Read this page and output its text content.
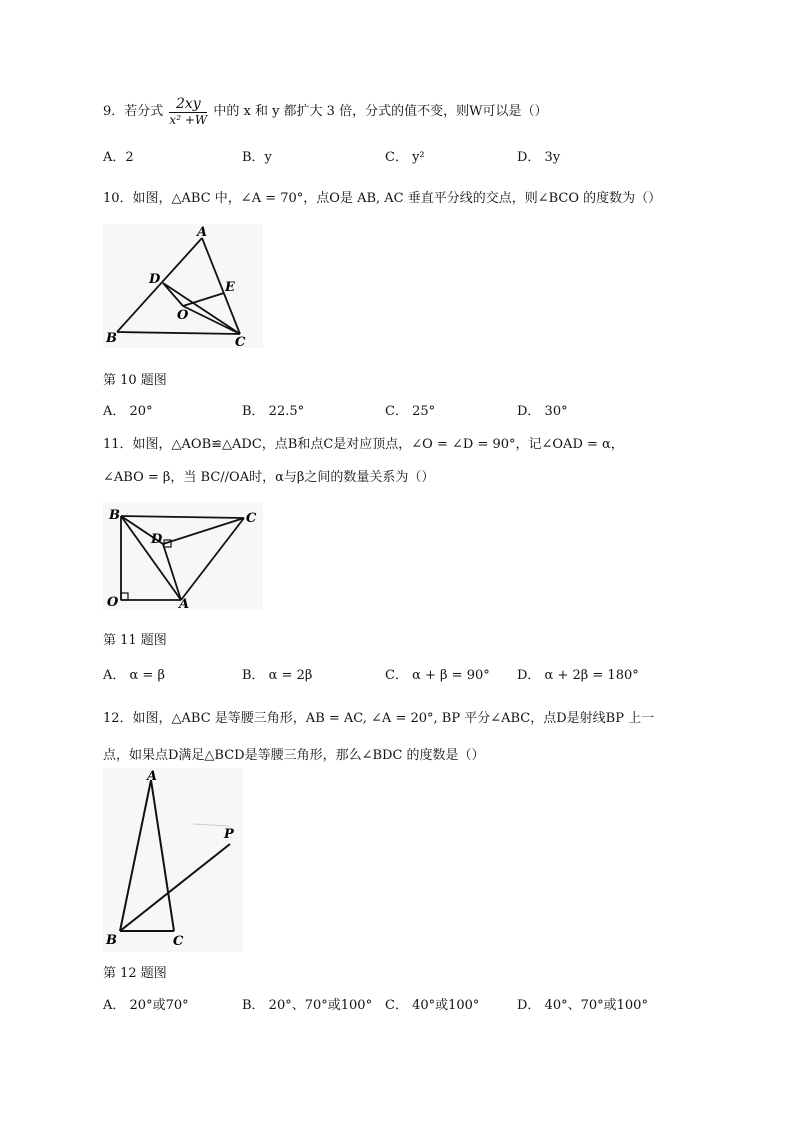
9．若分式 $\frac{2xy}{\text{x² +W}}$ 中的 x 和 y 都扩大 3 倍，分式的值不变，则W可以是（）
A．2	B．y	C． y²	D． 3y
10．如图，△ABC 中，∠A = 70°，点O是 AB, AC 垂直平分线的交点，则∠BCO 的度数为（）
A
B	C
D
E
O
第 10 题图
A． 20°	B． 22.5°	C． 25°	D． 30°
11．如图，△AOB≌△ADC，点B和点C是对应顶点，∠O = ∠D = 90°，记∠OAD = α，
∠ABO = β，当 BC//OA时，α与β之间的数量关系为（）
B	C
D
O	A
第 11 题图
A． α = β	B． α = 2β	C． α + β = 90° D． α + 2β = 180°
12．如图，△ABC 是等腰三角形，AB = AC, ∠A = 20°, BP 平分∠ABC，点D是射线BP 上一
点，如果点D满足△BCD是等腰三角形，那么∠BDC 的度数是（）
A
P
B	C
第 12 题图
A． 20°或70°	B． 20°、70°或100° C． 40°或100°	D． 40°、70°或100°
